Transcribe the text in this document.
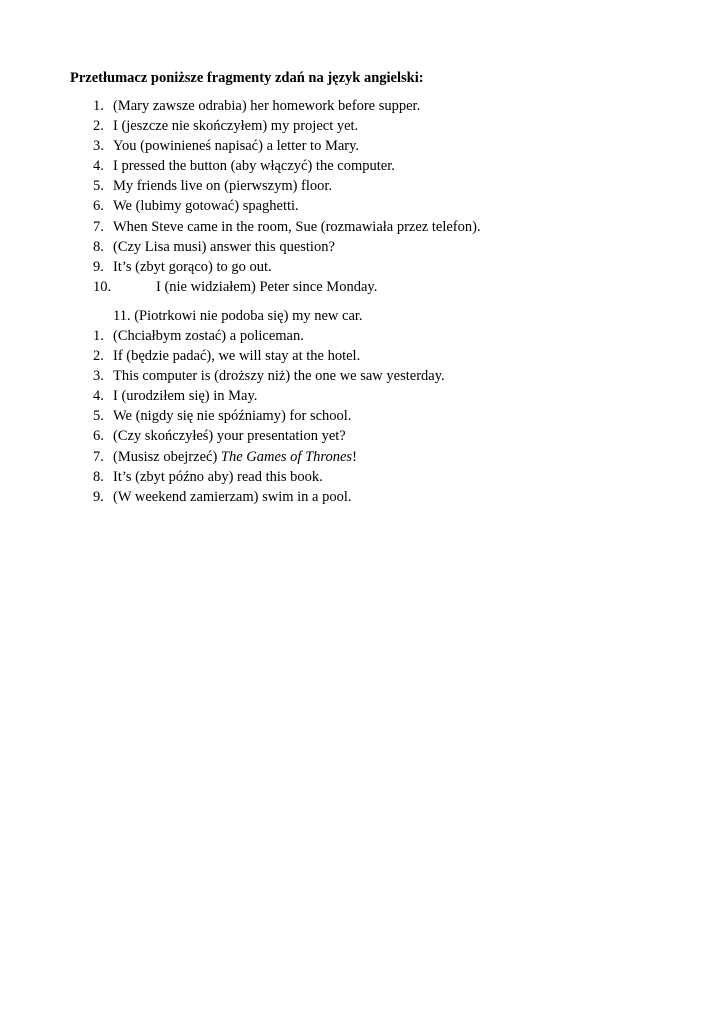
Przetłumacz poniższe fragmenty zdań na język angielski:
1. (Mary zawsze odrabia) her homework before supper.
2. I (jeszcze nie skończyłem) my project yet.
3. You (powinieneś napisać) a letter to Mary.
4. I pressed the button (aby włączyć) the computer.
5. My friends live on (pierwszym) floor.
6. We (lubimy gotować) spaghetti.
7. When Steve came in the room, Sue (rozmawiała przez telefon).
8. (Czy Lisa musi) answer this question?
9. It’s (zbyt gorąco) to go out.
10.	I (nie widziałem) Peter since Monday.
11. (Piotrkowi nie podoba się) my new car.
1. (Chciałbym zostać) a policeman.
2. If (będzie padać), we will stay at the hotel.
3. This computer is (droższy niż) the one we saw yesterday.
4. I (urodziłem się) in May.
5. We (nigdy się nie spóźniamy) for school.
6. (Czy skończyłeś) your presentation yet?
7. (Musisz obejrzeć) The Games of Thrones!
8. It’s (zbyt późno aby) read this book.
9. (W weekend zamierzam) swim in a pool.
